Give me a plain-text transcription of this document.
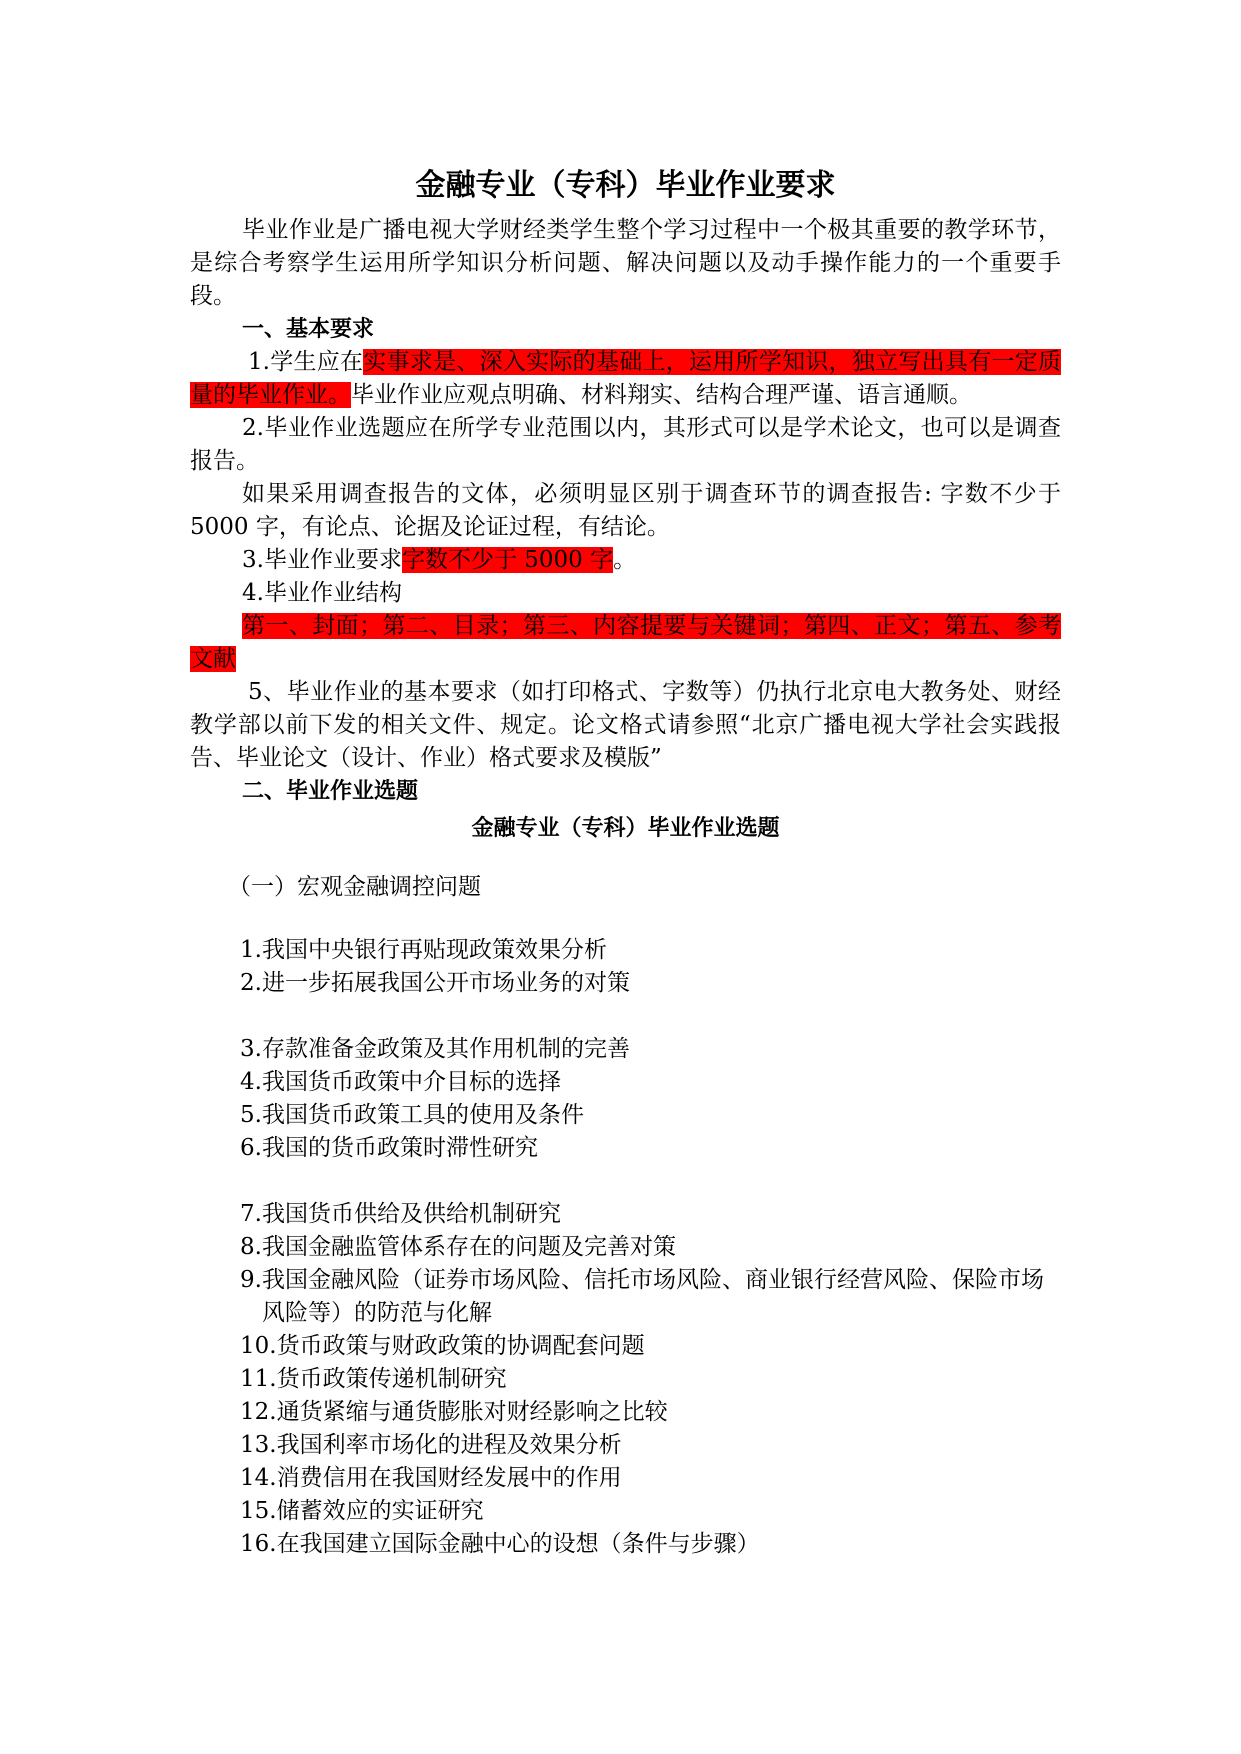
金融专业（专科）毕业作业要求

毕业作业是广播电视大学财经类学生整个学习过程中一个极其重要的教学环节，是综合考察学生运用所学知识分析问题、解决问题以及动手操作能力的一个重要手段。

一、基本要求

1.学生应在实事求是、深入实际的基础上，运用所学知识，独立写出具有一定质量的毕业作业。毕业作业应观点明确、材料翔实、结构合理严谨、语言通顺。

2.毕业作业选题应在所学专业范围以内，其形式可以是学术论文，也可以是调查报告。

如果采用调查报告的文体，必须明显区别于调查环节的调查报告: 字数不少于 5000 字，有论点、论据及论证过程，有结论。

3.毕业作业要求字数不少于 5000 字。

4.毕业作业结构

第一、封面；第二、目录；第三、内容提要与关键词；第四、正文；第五、参考文献

5、毕业作业的基本要求（如打印格式、字数等）仍执行北京电大教务处、财经教学部以前下发的相关文件、规定。论文格式请参照“北京广播电视大学社会实践报告、毕业论文（设计、作业）格式要求及模版”

二、毕业作业选题
金融专业（专科）毕业作业选题
（一）宏观金融调控问题
1. 我国中央银行再贴现政策效果分析
2. 进一步拓展我国公开市场业务的对策
3. 存款准备金政策及其作用机制的完善
4. 我国货币政策中介目标的选择
5. 我国货币政策工具的使用及条件
6. 我国的货币政策时滞性研究
7. 我国货币供给及供给机制研究
8. 我国金融监管体系存在的问题及完善对策
9. 我国金融风险（证券市场风险、信托市场风险、商业银行经营风险、保险市场风险等）的防范与化解
10. 货币政策与财政政策的协调配套问题
11. 货币政策传递机制研究
12. 通货紧缩与通货膨胀对财经影响之比较
13. 我国利率市场化的进程及效果分析
14. 消费信用在我国财经发展中的作用
15. 储蓄效应的实证研究
16. 在我国建立国际金融中心的设想（条件与步骤）
